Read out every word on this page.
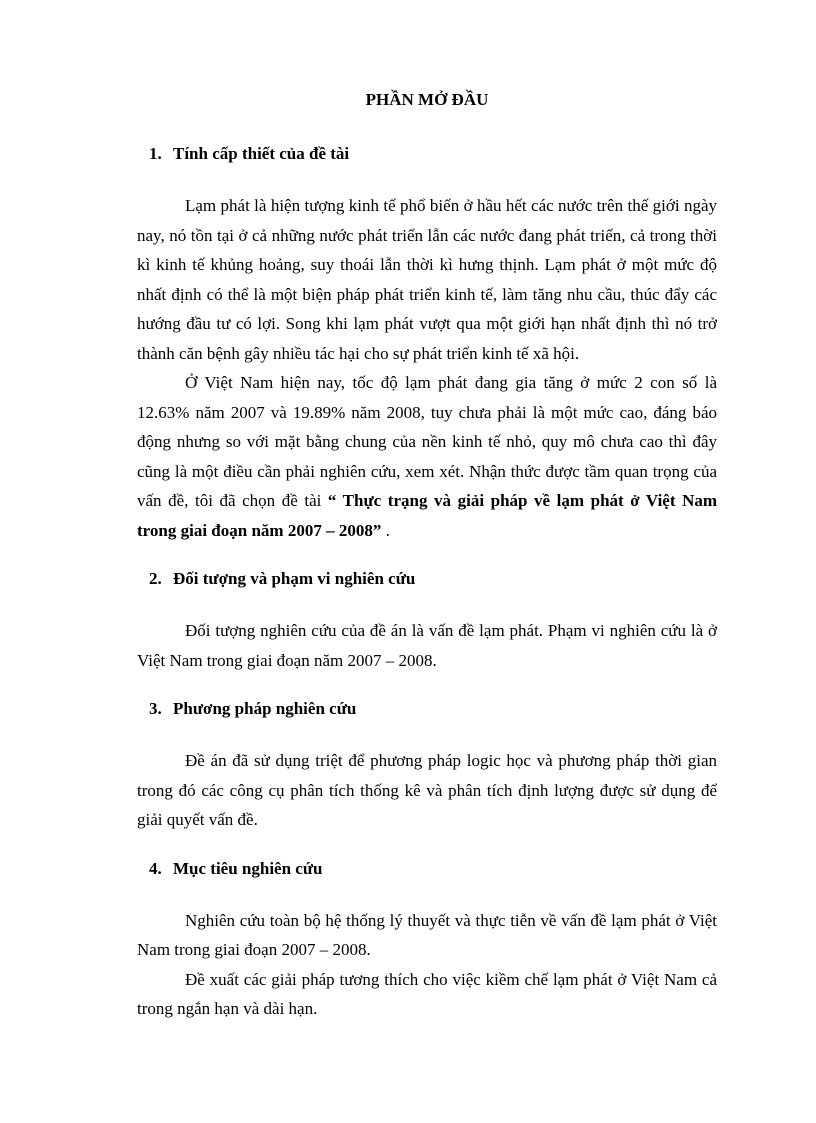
PHẦN MỞ ĐẦU
1. Tính cấp thiết của đề tài

Lạm phát là hiện tượng kinh tế phổ biến ở hầu hết các nước trên thế giới ngày nay, nó tồn tại ở cả những nước phát triển lẫn các nước đang phát triển, cả trong thời kì kinh tế khủng hoảng, suy thoái lẫn thời kì hưng thịnh. Lạm phát ở một mức độ nhất định có thể là một biện pháp phát triển kinh tế, làm tăng nhu cầu, thúc đẩy các hướng đầu tư có lợi. Song khi lạm phát vượt qua một giới hạn nhất định thì nó trở thành căn bệnh gây nhiều tác hại cho sự phát triển kinh tế xã hội.

Ở Việt Nam hiện nay, tốc độ lạm phát đang gia tăng ở mức 2 con số là 12.63% năm 2007 và 19.89% năm 2008, tuy chưa phải là một mức cao, đáng báo động nhưng so với mặt bằng chung của nền kinh tế nhỏ, quy mô chưa cao thì đây cũng là một điều cần phải nghiên cứu, xem xét. Nhận thức được tầm quan trọng của vấn đề, tôi đã chọn đề tài “ Thực trạng và giải pháp về lạm phát ở Việt Nam trong giai đoạn năm 2007 – 2008” .

2. Đối tượng và phạm vi nghiên cứu

Đối tượng nghiên cứu của đề án là vấn đề lạm phát. Phạm vi nghiên cứu là ở Việt Nam trong giai đoạn năm 2007 – 2008.

3. Phương pháp nghiên cứu

Đề án đã sử dụng triệt để phương pháp logic học và phương pháp thời gian trong đó các công cụ phân tích thống kê và phân tích định lượng được sử dụng để giải quyết vấn đề.

4. Mục tiêu nghiên cứu

Nghiên cứu toàn bộ hệ thống lý thuyết và thực tiễn về vấn đề lạm phát ở Việt Nam trong giai đoạn 2007 – 2008.

Đề xuất các giải pháp tương thích cho việc kiềm chế lạm phát ở Việt Nam cả trong ngắn hạn và dài hạn.
